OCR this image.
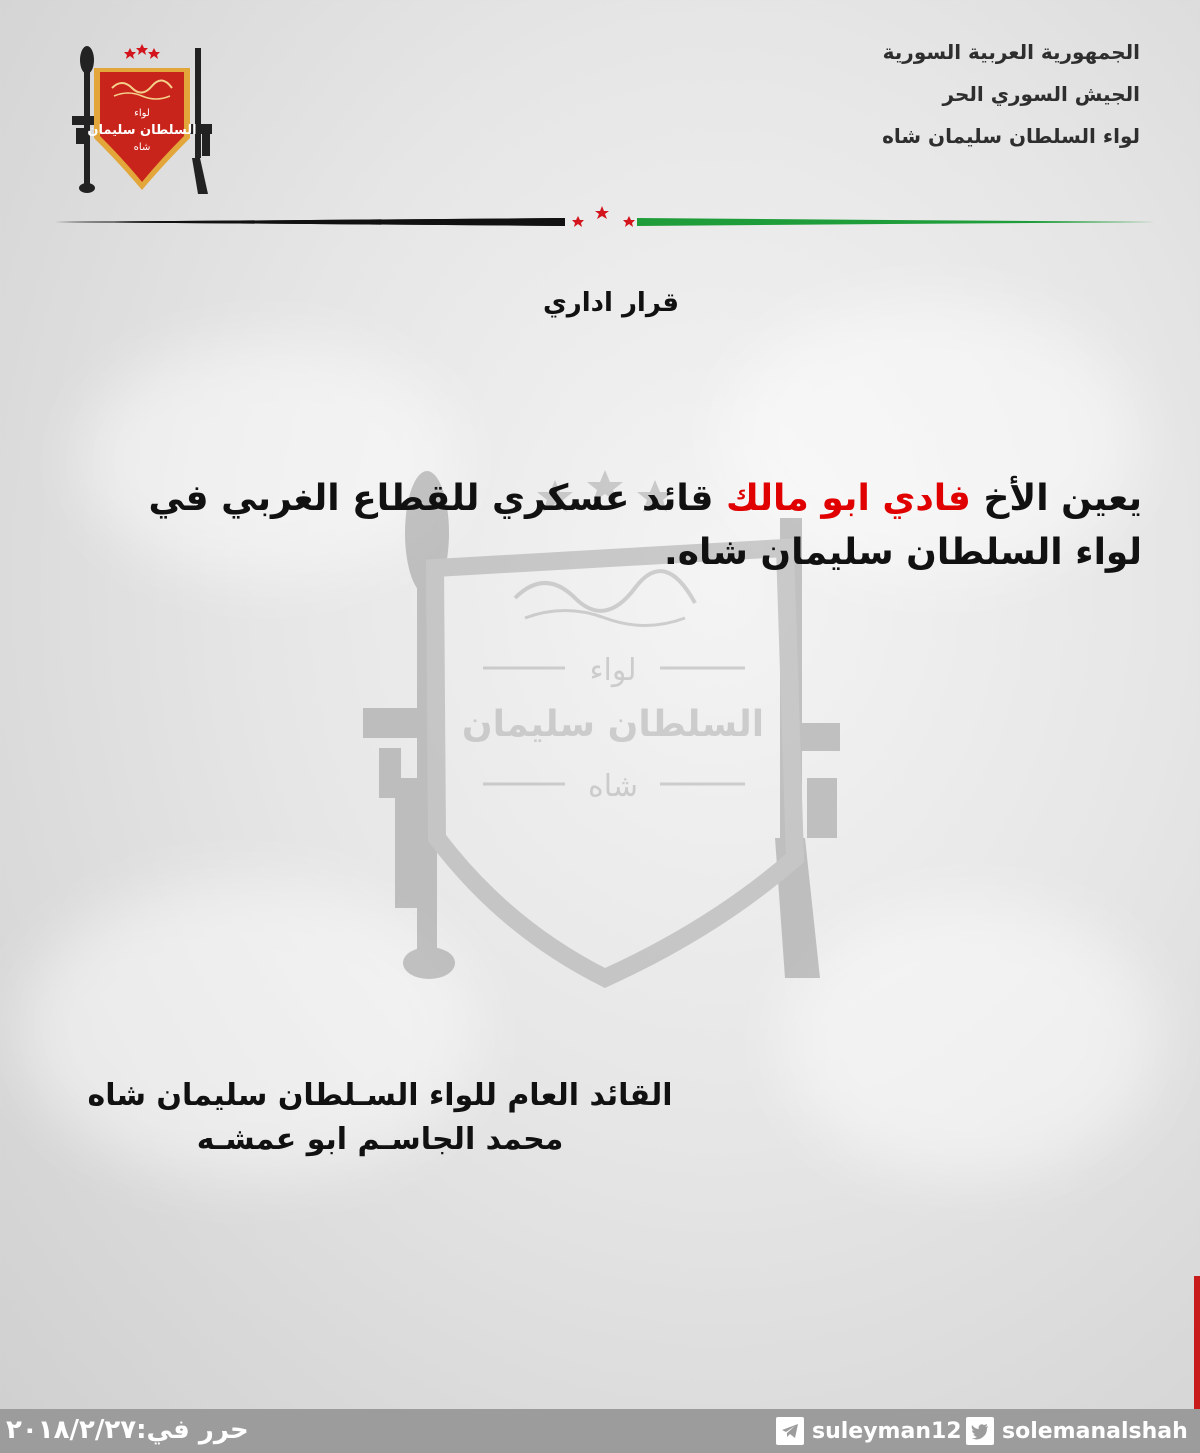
لواء
السلطان سليمان
شاه
الجمهورية العربية السورية
الجيش السوري الحر
لواء السلطان سليمان شاه
قرار اداري
لواء
السلطان سليمان
شاه
يعين الأخ فادي ابو مالك قائد عسكري للقطاع الغربي في لواء السلطان سليمان شاه.
القائد العام للواء السـلطان سليمان شاه
محمد الجاسـم ابو عمشـه
حرر في:٢٠١٨/٢/٢٧	suleyman12 solemanalshah
